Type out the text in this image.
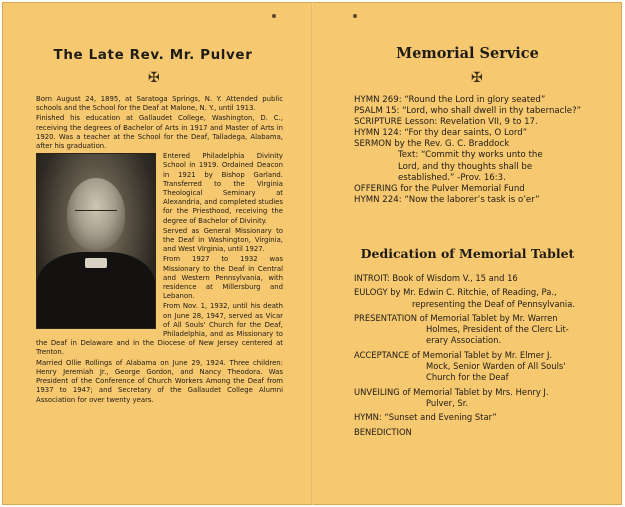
The Late Rev. Mr. Pulver
✠

Born August 24, 1895, at Saratoga Springs, N. Y. Attended public schools and the School for the Deaf at Malone, N. Y., until 1913.

Finished his education at Gallaudet College, Washington, D. C., receiving the degrees of Bachelor of Arts in 1917 and Master of Arts in 1920. Was a teacher at the School for the Deaf, Talladega, Alabama, after his graduation.

Entered Philadelphia Divinity School in 1919. Ordained Deacon in 1921 by Bishop Garland. Transferred to the Virginia Theological Seminary at Alexandria, and completed studies for the Priesthood, receiving the degree of Bachelor of Divinity.

Served as General Missionary to the Deaf in Washington, Virginia, and West Virginia, until 1927.

From 1927 to 1932 was Missionary to the Deaf in Central and Western Pennsylvania, with residence at Millersburg and Lebanon.

From Nov. 1, 1932, until his death on June 28, 1947, served as Vicar of All Souls' Church for the Deaf, Philadelphia, and as Missionary to the Deaf in Delaware and in the Diocese of New Jersey centered at Trenton.

Married Ollie Rollings of Alabama on June 29, 1924. Three children: Henry Jeremiah Jr., George Gordon, and Nancy Theodora. Was President of the Conference of Church Workers Among the Deaf from 1937 to 1947; and Secretary of the Gallaudet College Alumni Association for over twenty years.

Memorial Service
✠
HYMN 269: “Round the Lord in glory seated”
PSALM 15: “Lord, who shall dwell in thy tabernacle?”
SCRIPTURE Lesson: Revelation VII, 9 to 17.
HYMN 124: “For thy dear saints, O Lord”
SERMON by the Rev. G. C. Braddock
Text: “Commit thy works unto the
Lord, and thy thoughts shall be
established.” -Prov. 16:3.
OFFERING for the Pulver Memorial Fund
HYMN 224: “Now the laborer’s task is o’er”
Dedication of Memorial Tablet
INTROIT: Book of Wisdom V., 15 and 16
EULOGY by Mr. Edwin C. Ritchie, of Reading, Pa.,
representing the Deaf of Pennsylvania.
PRESENTATION of Memorial Tablet by Mr. Warren
Holmes, President of the Clerc Lit-
erary Association.
ACCEPTANCE of Memorial Tablet by Mr. Elmer J.
Mock, Senior Warden of All Souls'
Church for the Deaf
UNVEILING of Memorial Tablet by Mrs. Henry J.
Pulver, Sr.
HYMN: “Sunset and Evening Star”
BENEDICTION
